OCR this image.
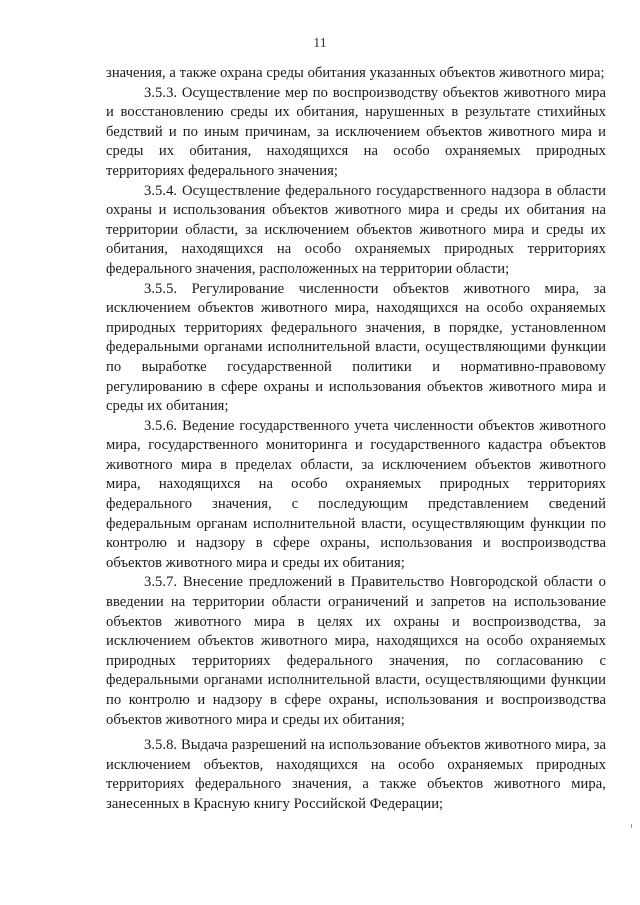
11

значения, а также охрана среды обитания указанных объектов животного мира;

3.5.3. Осуществление мер по воспроизводству объектов животного мира и восстановлению среды их обитания, нарушенных в результате стихийных бедствий и по иным причинам, за исключением объектов животного мира и среды их обитания, находящихся на особо охраняемых природных территориях федерального значения;

3.5.4. Осуществление федерального государственного надзора в области охраны и использования объектов животного мира и среды их обитания на территории области, за исключением объектов животного мира и среды их обитания, находящихся на особо охраняемых природных территориях федерального значения, расположенных на территории области;

3.5.5. Регулирование численности объектов животного мира, за исключением объектов животного мира, находящихся на особо охраняемых природных территориях федерального значения, в порядке, установленном федеральными органами исполнительной власти, осуществляющими функции по выработке государственной политики и нормативно-правовому регулированию в сфере охраны и использования объектов животного мира и среды их обитания;

3.5.6. Ведение государственного учета численности объектов животного мира, государственного мониторинга и государственного кадастра объектов животного мира в пределах области, за исключением объектов животного мира, находящихся на особо охраняемых природных территориях федерального значения, с последующим представлением сведений федеральным органам исполнительной власти, осуществляющим функции по контролю и надзору в сфере охраны, использования и воспроизводства объектов животного мира и среды их обитания;

3.5.7. Внесение предложений в Правительство Новгородской области о введении на территории области ограничений и запретов на использование объектов животного мира в целях их охраны и воспроизводства, за исключением объектов животного мира, находящихся на особо охраняемых природных территориях федерального значения, по согласованию с федеральными органами исполнительной власти, осуществляющими функции по контролю и надзору в сфере охраны, использования и воспроизводства объектов животного мира и среды их обитания;

3.5.8. Выдача разрешений на использование объектов животного мира, за исключением объектов, находящихся на особо охраняемых природных территориях федерального значения, а также объектов животного мира, занесенных в Красную книгу Российской Федерации;
